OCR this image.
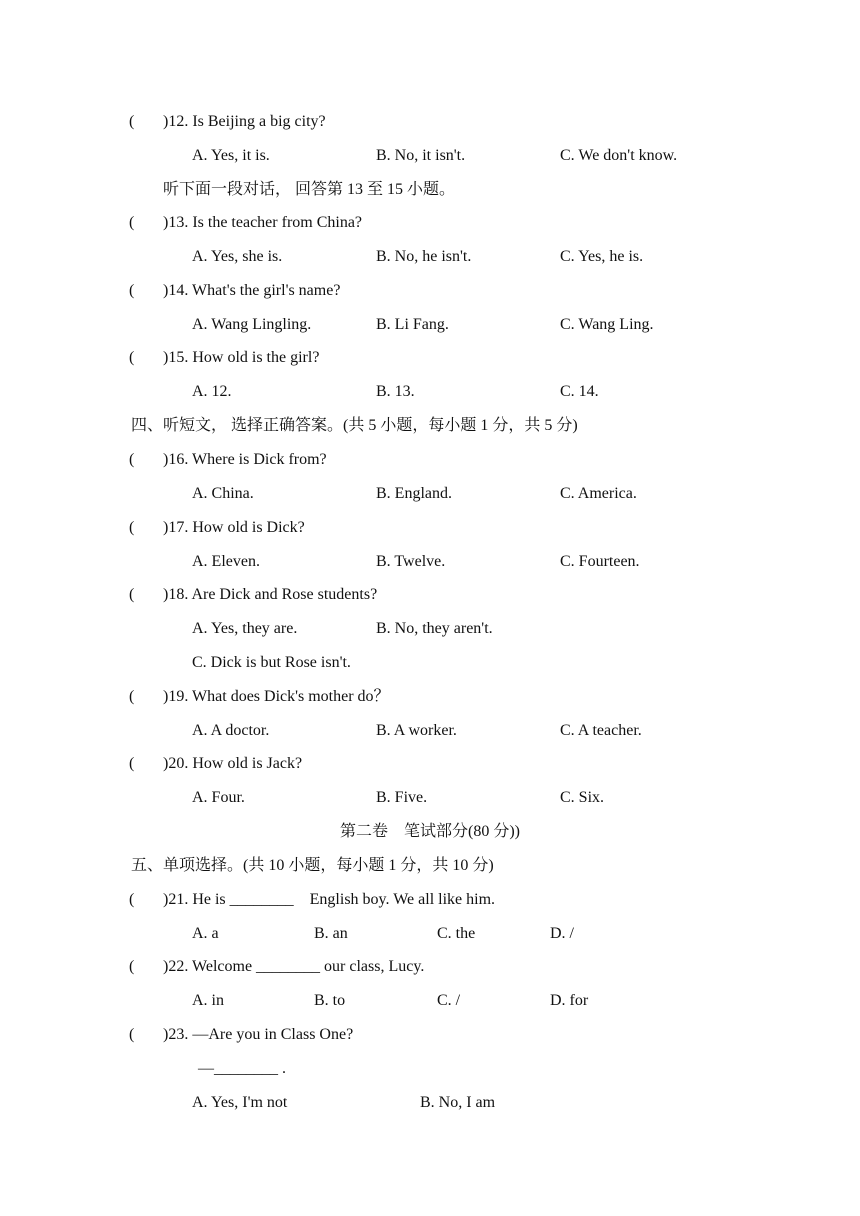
( )12. Is Beijing a big city?
A. Yes, it is.	B. No, it isn't.	C. We don't know.
听下面一段对话， 回答第 13 至 15 小题。
( )13. Is the teacher from China?
A. Yes, she is.	B. No, he isn't.	C. Yes, he is.
( )14. What's the girl's name?
A. Wang Lingling.	B. Li Fang.	C. Wang Ling.
( )15. How old is the girl?
A. 12.	B. 13.	C. 14.
四、听短文， 选择正确答案。(共 5 小题，每小题 1 分，共 5 分)
( )16. Where is Dick from?
A. China.	B. England.	C. America.
( )17. How old is Dick?
A. Eleven.	B. Twelve.	C. Fourteen.
( )18. Are Dick and Rose students?
A. Yes, they are.	B. No, they aren't.
C. Dick is but Rose isn't.
( )19. What does Dick's mother do？
A. A doctor.	B. A worker.	C. A teacher.
( )20. How old is Jack?
A. Four.	B. Five.	C. Six.
第二卷　笔试部分(80 分))
五、单项选择。(共 10 小题，每小题 1 分，共 10 分)
( )21. He is ________　English boy. We all like him.
A. a	B. an	C. the	D. /
( )22. Welcome ________ our class, Lucy.
A. in	B. to	C. /	D. for
( )23. —Are you in Class One?
—________ .
A. Yes, I'm not	B. No, I am
